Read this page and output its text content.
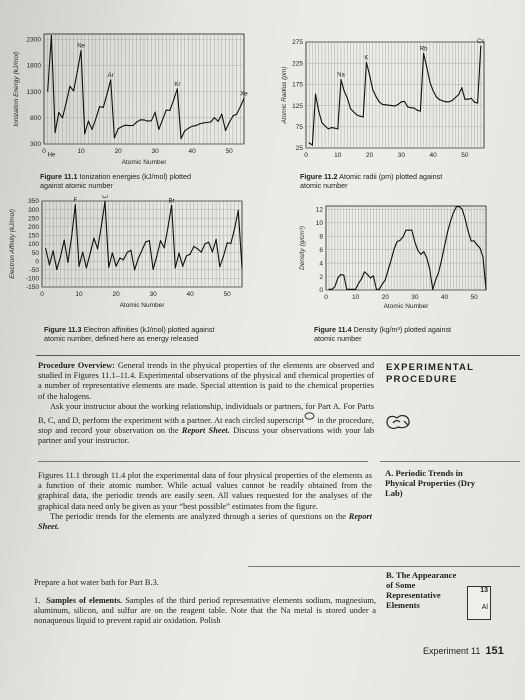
2300
1800
1300
800
300
0	10	20	30	40	50
He
Ne
Ar
Kr
Xe
Atomic Number
Ionization Energy (kJ/mol)
275
225
175
125
75
25
0	10	20	30	40	50
Cs
Rb
K
Na
Atomic Radius (pm)
350
300
250
200
150
100
50
0
-50
-100
-150
0	10	20	30	40	50
Cl
F	Br
Atomic Number
Electron Affinity (kJ/mol)	12
10
8
6
4
2
0
0	10	20	30	40	50
Atomic Number
Density (g/cm³)
Figure 11.1 Ionization energies (kJ/mol) plotted
against atomic number
Figure 11.2 Atomic radii (pm) plotted against
atomic number
Figure 11.3 Electron affinities (kJ/mol) plotted against
atomic number, defined here as energy released
Figure 11.4 Density (kg/m³) plotted against
atomic number
Procedure Overview: General trends in the physical properties of the elements are observed and studied in Figures 11.1–11.4. Experimental observations of the physical and chemical properties of a number of representative elements are made. Special attention is paid to the chemical properties of the halogens.
Ask your instructor about the working relationship, individuals or partners, for Part A. For Parts B, C, and D, perform the experiment with a partner. At each circled superscript in the procedure, stop and record your observation on the Report Sheet. Discuss your observations with your lab partner and your instructor.
EXPERIMENTAL
PROCEDURE
Figures 11.1 through 11.4 plot the experimental data of four physical properties of the elements as a function of their atomic number. While actual values cannot be readily obtained from the graphical data, the periodic trends are easily seen. All values requested for the analyses of the graphical data need only be given as your “best possible” estimates from the figure.
The periodic trends for the elements are analyzed through a series of questions on the Report Sheet.
A. Periodic Trends in
Physical Properties (Dry
Lab)
Prepare a hot water bath for Part B.3.
1. Samples of elements. Samples of the third period representative elements sodium, magnesium, aluminum, silicon, and sulfur are on the reagent table. Note that the Na metal is stored under a nonaqueous liquid to prevent rapid air oxidation. Polish
B. The Appearance
of Some
Representative
Elements
13
Al
Experiment 11 151
